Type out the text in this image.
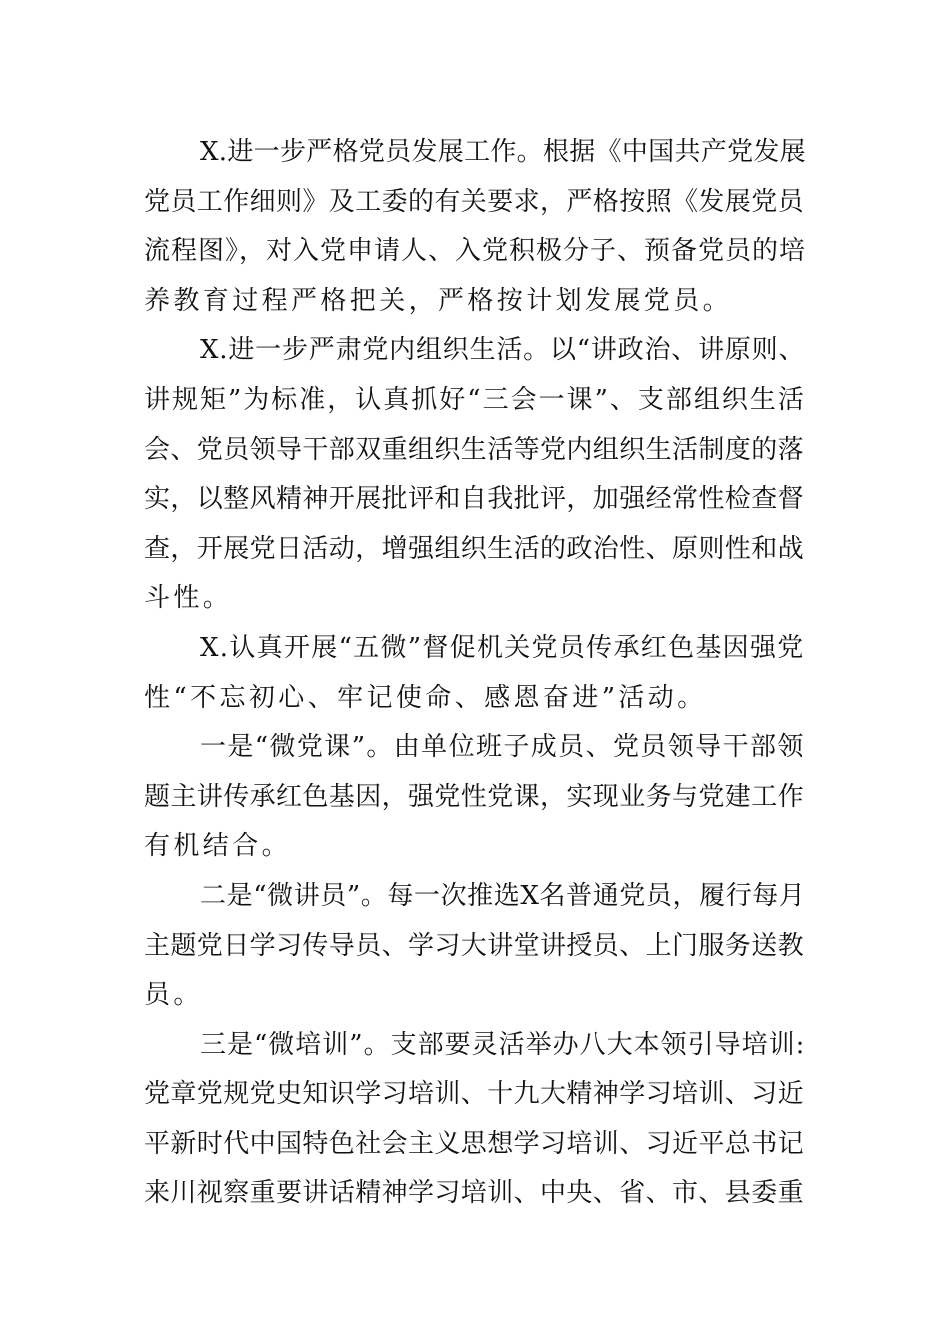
X.进一步严格党员发展工作。根据《中国共产党发展
党员工作细则》及工委的有关要求，严格按照《发展党员
流程图》，对入党申请人、入党积极分子、预备党员的培
养教育过程严格把关，严格按计划发展党员。
X.进一步严肃党内组织生活。以“讲政治、讲原则、
讲规矩”为标准，认真抓好“三会一课”、支部组织生活
会、党员领导干部双重组织生活等党内组织生活制度的落
实，以整风精神开展批评和自我批评，加强经常性检查督
查，开展党日活动，增强组织生活的政治性、原则性和战
斗性。
X.认真开展“五微”督促机关党员传承红色基因强党
性“不忘初心、牢记使命、感恩奋进”活动。
一是“微党课”。由单位班子成员、党员领导干部领
题主讲传承红色基因，强党性党课，实现业务与党建工作
有机结合。
二是“微讲员”。每一次推选X名普通党员，履行每月
主题党日学习传导员、学习大讲堂讲授员、上门服务送教
员。
三是“微培训”。支部要灵活举办八大本领引导培训:
党章党规党史知识学习培训、十九大精神学习培训、习近
平新时代中国特色社会主义思想学习培训、习近平总书记
来川视察重要讲话精神学习培训、中央、省、市、县委重
